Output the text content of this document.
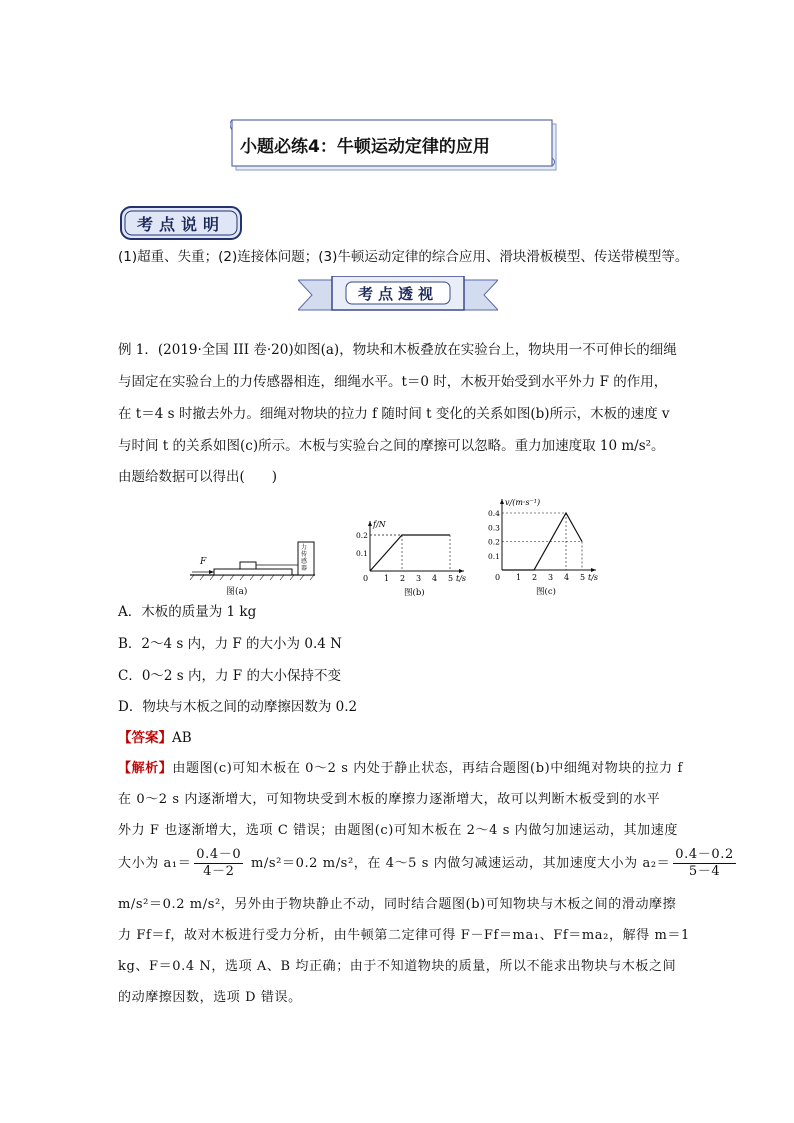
小题必练4：牛顿运动定律的应用
考点说明
(1)超重、失重；(2)连接体问题；(3)牛顿运动定律的综合应用、滑块滑板模型、传送带模型等。
考点透视
例 1．(2019·全国 III 卷·20)如图(a)，物块和木板叠放在实验台上，物块用一不可伸长的细绳
与固定在实验台上的力传感器相连，细绳水平。t＝0 时，木板开始受到水平外力 F 的作用，
在 t＝4 s 时撤去外力。细绳对物块的拉力 f 随时间 t 变化的关系如图(b)所示，木板的速度 v
与时间 t 的关系如图(c)所示。木板与实验台之间的摩擦可以忽略。重力加速度取 10 m/s²。
由题给数据可以得出(　　)
F
力传感器
图(a)
0 1 2 3 4 5
0.2
0.1
f/N
t/s
图(b)
0 1 2 3 4 5
0.4
0.3
0.2
0.1
v/(m·s⁻¹)
t/s
图(c)
A．木板的质量为 1 kg
B．2～4 s 内，力 F 的大小为 0.4 N
C．0～2 s 内，力 F 的大小保持不变
D．物块与木板之间的动摩擦因数为 0.2
【答案】AB
【解析】由题图(c)可知木板在 0～2 s 内处于静止状态，再结合题图(b)中细绳对物块的拉力 f
在 0～2 s 内逐渐增大，可知物块受到木板的摩擦力逐渐增大，故可以判断木板受到的水平
外力 F 也逐渐增大，选项 C 错误；由题图(c)可知木板在 2～4 s 内做匀加速运动，其加速度
大小为 $a_1= \frac{0.4-0}{4-2} m/s^2=0.2$ m/s²，在 4～5 s 内做匀减速运动，其加速度大小为 $a_2= \frac{0.4-0.2}{5-4}$
m/s²＝0.2 m/s²，另外由于物块静止不动，同时结合题图(b)可知物块与木板之间的滑动摩擦
力 Ff＝f，故对木板进行受力分析，由牛顿第二定律可得 F－Ff＝ma₁、Ff＝ma₂，解得 m＝1
kg、F＝0.4 N，选项 A、B 均正确；由于不知道物块的质量，所以不能求出物块与木板之间
的动摩擦因数，选项 D 错误。
